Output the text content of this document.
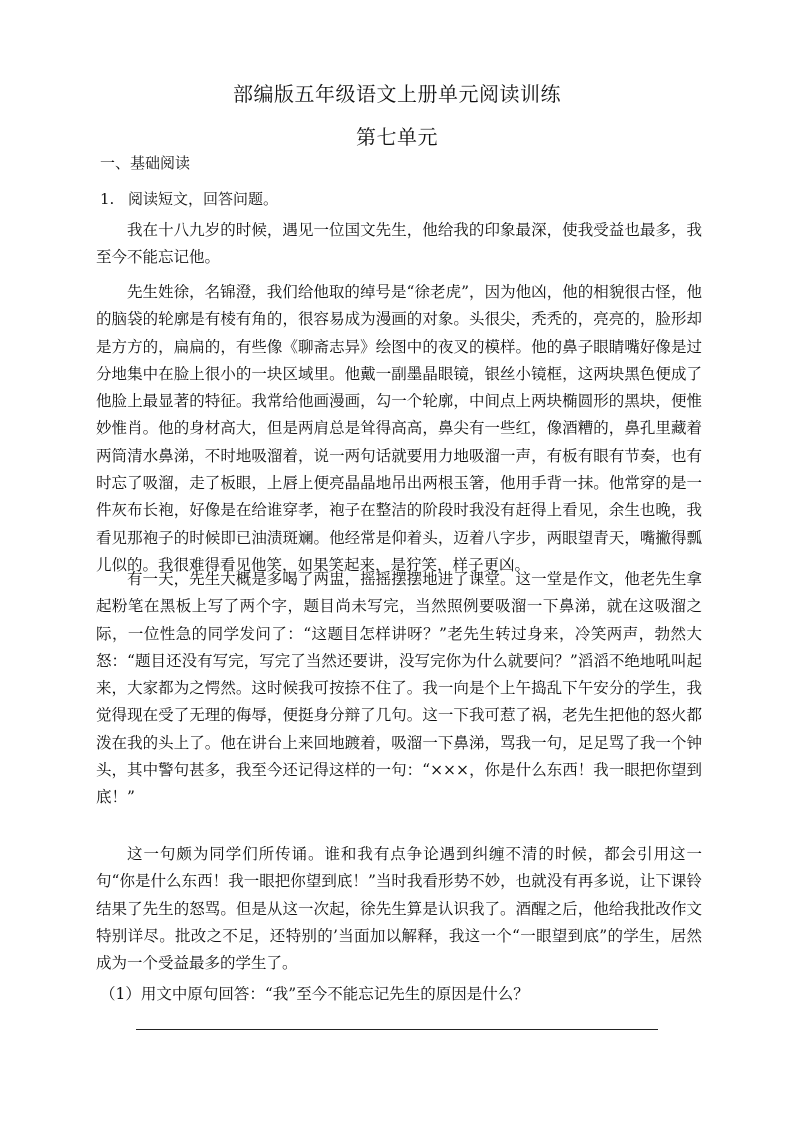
部编版五年级语文上册单元阅读训练
第七单元
一、基础阅读
1. 阅读短文，回答问题。

我在十八九岁的时候，遇见一位国文先生，他给我的印象最深，使我受益也最多，我至今不能忘记他。

先生姓徐，名锦澄，我们给他取的绰号是“徐老虎”，因为他凶，他的相貌很古怪，他的脑袋的轮廓是有棱有角的，很容易成为漫画的对象。头很尖，秃秃的，亮亮的，脸形却是方方的，扁扁的，有些像《聊斋志异》绘图中的夜叉的模样。他的鼻子眼睛嘴好像是过分地集中在脸上很小的一块区域里。他戴一副墨晶眼镜，银丝小镜框，这两块黑色便成了他脸上最显著的特征。我常给他画漫画，勾一个轮廓，中间点上两块椭圆形的黑块，便惟妙惟肖。他的身材高大，但是两肩总是耸得高高，鼻尖有一些红，像酒糟的，鼻孔里藏着两筒清水鼻涕，不时地吸溜着，说一两句话就要用力地吸溜一声，有板有眼有节奏，也有时忘了吸溜，走了板眼，上唇上便亮晶晶地吊出两根玉箸，他用手背一抹。他常穿的是一件灰布长袍，好像是在给谁穿孝，袍子在整洁的阶段时我没有赶得上看见，余生也晚，我看见那袍子的时候即已油渍斑斓。他经常是仰着头，迈着八字步，两眼望青天，嘴撇得瓢儿似的。我很难得看见他笑，如果笑起来，是狞笑，样子更凶。

有一天，先生大概是多喝了两盅，摇摇摆摆地进了课堂。这一堂是作文，他老先生拿起粉笔在黑板上写了两个字，题目尚未写完，当然照例要吸溜一下鼻涕，就在这吸溜之际，一位性急的同学发问了：“这题目怎样讲呀？”老先生转过身来，冷笑两声，勃然大怒：“题目还没有写完，写完了当然还要讲，没写完你为什么就要问？”滔滔不绝地吼叫起来，大家都为之愕然。这时候我可按捺不住了。我一向是个上午捣乱下午安分的学生，我觉得现在受了无理的侮辱，便挺身分辩了几句。这一下我可惹了祸，老先生把他的怒火都泼在我的头上了。他在讲台上来回地踱着，吸溜一下鼻涕，骂我一句，足足骂了我一个钟头，其中警句甚多，我至今还记得这样的一句：“×××，你是什么东西！我一眼把你望到底！”

这一句颇为同学们所传诵。谁和我有点争论遇到纠缠不清的时候，都会引用这一句“你是什么东西！我一眼把你望到底！”当时我看形势不妙，也就没有再多说，让下课铃结果了先生的怒骂。但是从这一次起，徐先生算是认识我了。酒醒之后，他给我批改作文特别详尽。批改之不足，还特别的’当面加以解释，我这一个“一眼望到底”的学生，居然成为一个受益最多的学生了。

（1）用文中原句回答：“我”至今不能忘记先生的原因是什么？
